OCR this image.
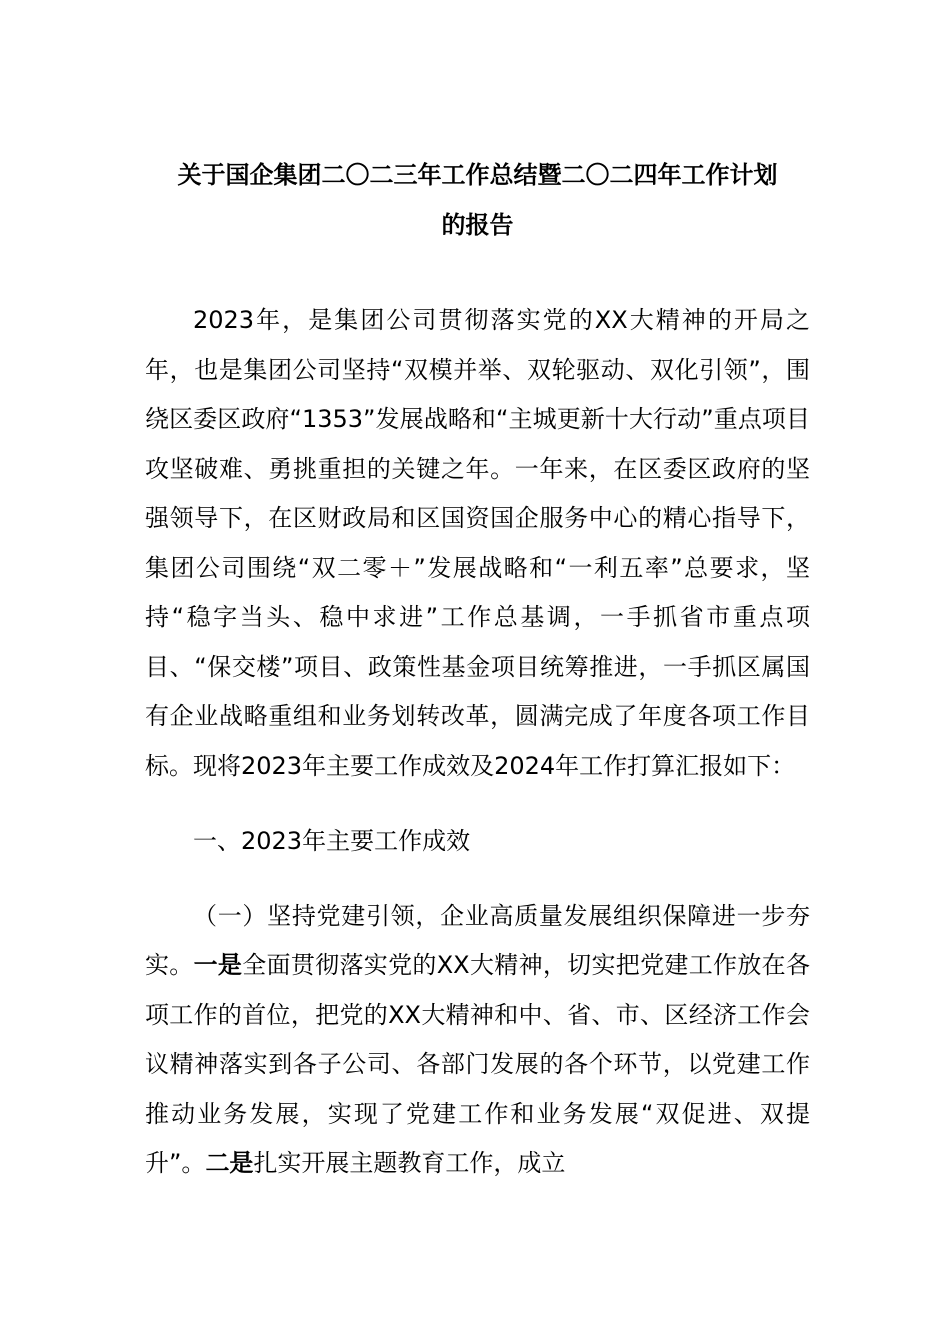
关于国企集团二〇二三年工作总结暨二〇二四年工作计划
的报告

2023年，是集团公司贯彻落实党的XX大精神的开局之年，也是集团公司坚持“双模并举、双轮驱动、双化引领”，围绕区委区政府“1353”发展战略和“主城更新十大行动”重点项目攻坚破难、勇挑重担的关键之年。一年来，在区委区政府的坚强领导下，在区财政局和区国资国企服务中心的精心指导下，集团公司围绕“双二零＋”发展战略和“一利五率”总要求，坚持“稳字当头、稳中求进”工作总基调，一手抓省市重点项目、“保交楼”项目、政策性基金项目统筹推进，一手抓区属国有企业战略重组和业务划转改革，圆满完成了年度各项工作目标。现将2023年主要工作成效及2024年工作打算汇报如下：

一、2023年主要工作成效

（一）坚持党建引领，企业高质量发展组织保障进一步夯实。一是全面贯彻落实党的XX大精神，切实把党建工作放在各项工作的首位，把党的XX大精神和中、省、市、区经济工作会议精神落实到各子公司、各部门发展的各个环节，以党建工作推动业务发展，实现了党建工作和业务发展“双促进、双提升”。二是扎实开展主题教育工作，成立
